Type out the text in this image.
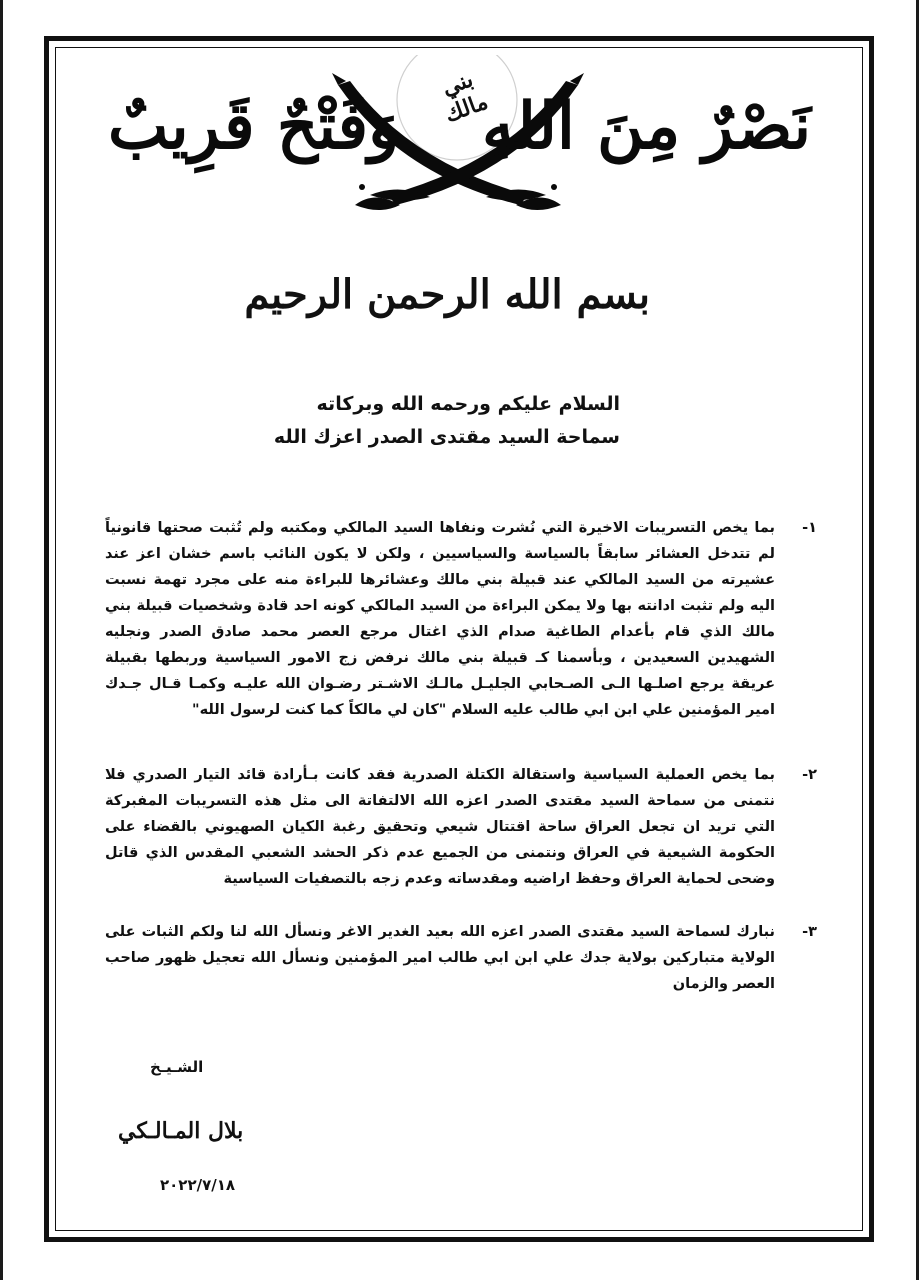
نَصْرٌ مِنَ اللهِ
وَفَتْحٌ قَرِيبٌ
بني مالك
بسم الله الرحمن الرحيم
السلام عليكم ورحمه الله وبركاته
سماحة السيد مقتدى الصدر اعزك الله
١-
بما يخص التسريبات الاخيرة التي نُشرت ونفاها السيد المالكي ومكتبه ولم تُثبت صحتها قانونياً لم تتدخل العشائر سابقاً بالسياسة والسياسيين ، ولكن لا يكون النائب باسم خشان اعز عند عشيرته من السيد المالكي عند قبيلة بني مالك وعشائرها للبراءة منه على مجرد تهمة نسبت اليه ولم تثبت ادانته بها ولا يمكن البراءة من السيد المالكي كونه احد قادة وشخصيات قبيلة بني مالك الذي قام بأعدام الطاغية صدام الذي اغتال مرجع العصر محمد صادق الصدر ونجليه الشهيدين السعيدين ، وبأسمنا كـ قبيلة بني مالك نرفض زج الامور السياسية وربطها بقبيلة عريقة يرجع اصلـها الـى الصـحابي الجليـل مالـك الاشـتر رضـوان الله عليـه وكمـا قـال جـدك امير المؤمنين علي ابن ابي طالب عليه السلام "كان لي مالكاً كما كنت لرسول الله"
٢-
بما يخص العملية السياسية واستقالة الكتلة الصدرية فقد كانت بـأرادة قائد التيار الصدري فلا نتمنى من سماحة السيد مقتدى الصدر اعزه الله الالتفاتة الى مثل هذه التسريبات المفبركة التي تريد ان تجعل العراق ساحة اقتتال شيعي وتحقيق رغبة الكيان الصهيوني بالقضاء على الحكومة الشيعية في العراق ونتمنى من الجميع عدم ذكر الحشد الشعبي المقدس الذي قاتل وضحى لحماية العراق وحفظ اراضيه ومقدساته وعدم زجه بالتصفيات السياسية
٣-
نبارك لسماحة السيد مقتدى الصدر اعزه الله بعيد الغدير الاغر ونسأل الله لنا ولكم الثبات على الولاية متباركين بولاية جدك علي ابن ابي طالب امير المؤمنين ونسأل الله تعجيل ظهور صاحب العصر والزمان
الشـيـخ
بلال المـالـكي
٢٠٢٢/٧/١٨
